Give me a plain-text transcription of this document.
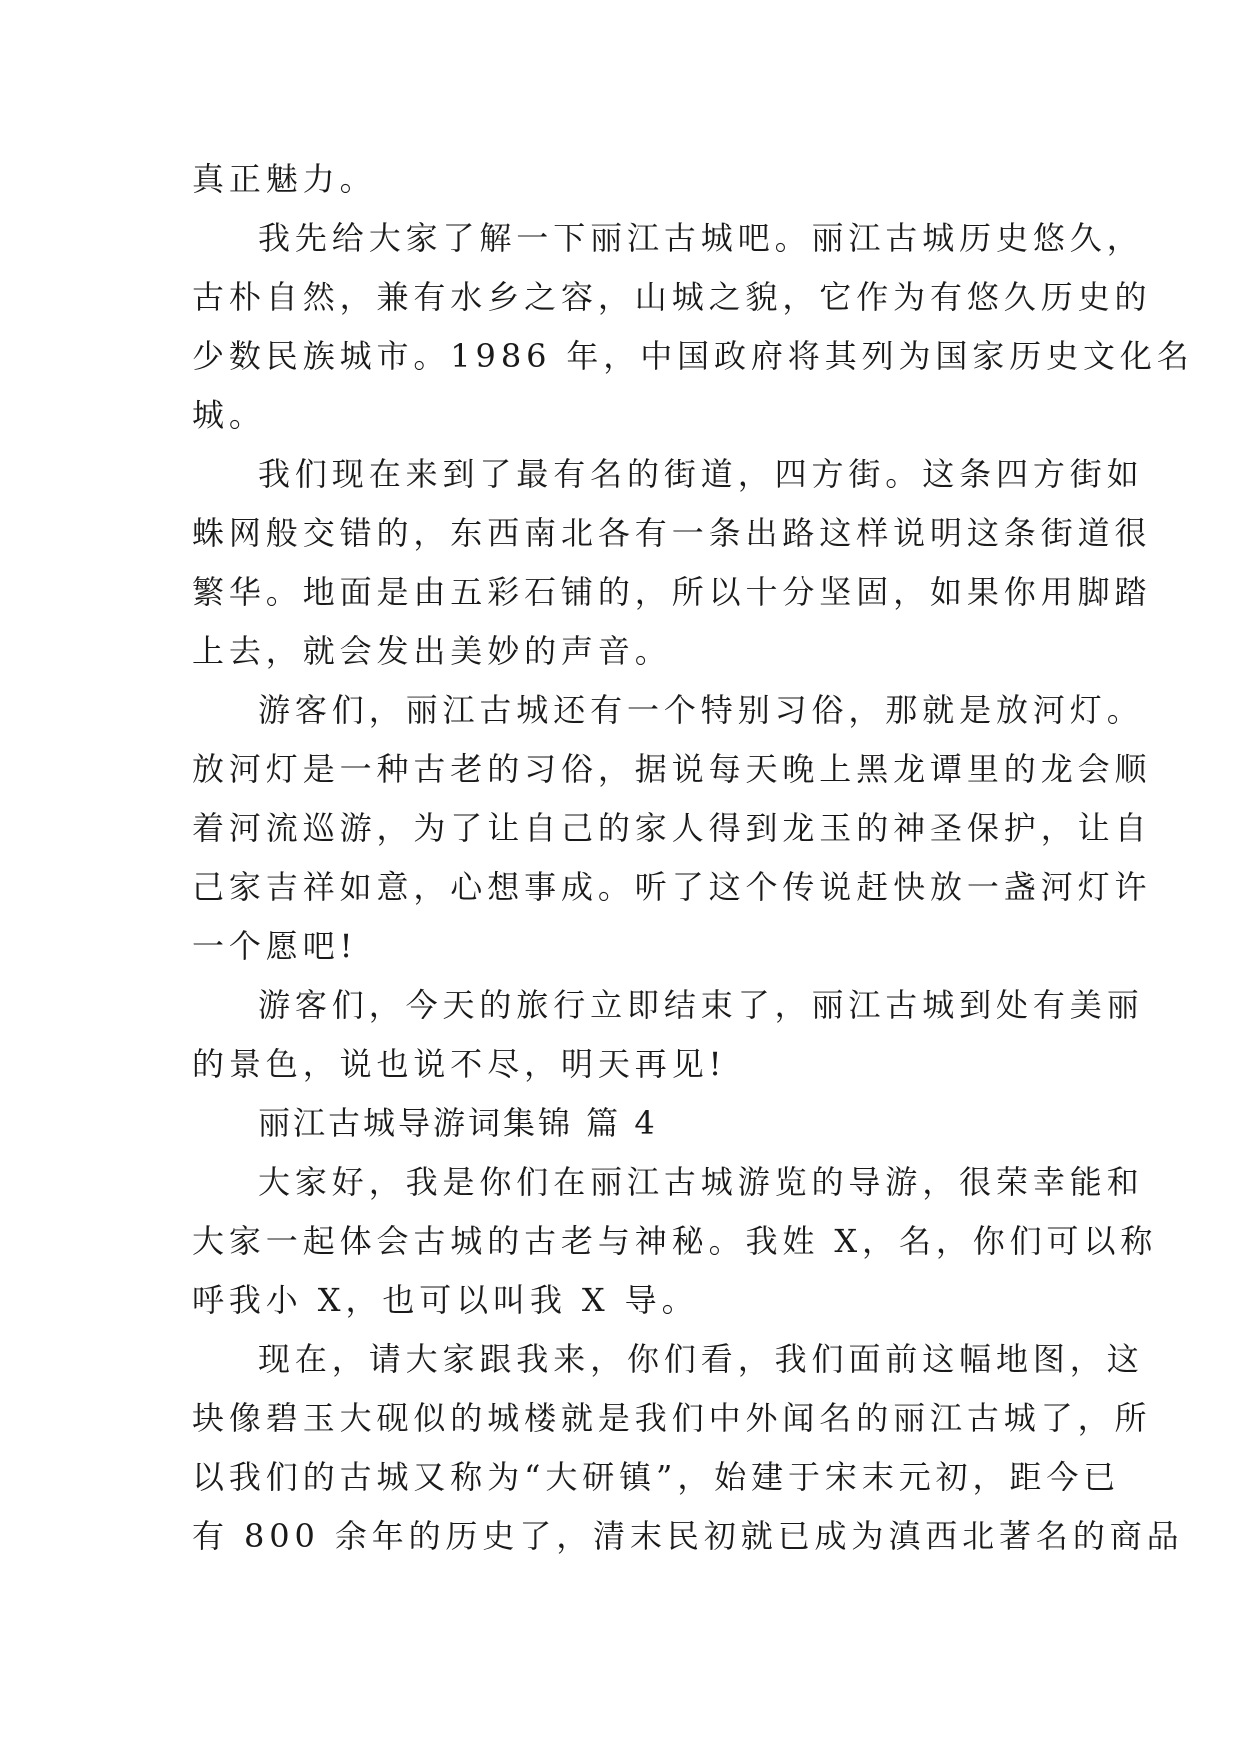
真正魅力。
我先给大家了解一下丽江古城吧。丽江古城历史悠久，
古朴自然，兼有水乡之容，山城之貌，它作为有悠久历史的
少数民族城市。1986 年，中国政府将其列为国家历史文化名
城。
我们现在来到了最有名的街道，四方街。这条四方街如
蛛网般交错的，东西南北各有一条出路这样说明这条街道很
繁华。地面是由五彩石铺的，所以十分坚固，如果你用脚踏
上去，就会发出美妙的声音。
游客们，丽江古城还有一个特别习俗，那就是放河灯。
放河灯是一种古老的习俗，据说每天晚上黑龙谭里的龙会顺
着河流巡游，为了让自己的家人得到龙玉的神圣保护，让自
己家吉祥如意，心想事成。听了这个传说赶快放一盏河灯许
一个愿吧!
游客们，今天的旅行立即结束了，丽江古城到处有美丽
的景色，说也说不尽，明天再见!
丽江古城导游词集锦 篇 4
大家好，我是你们在丽江古城游览的导游，很荣幸能和
大家一起体会古城的古老与神秘。我姓 X，名，你们可以称
呼我小 X，也可以叫我 X 导。
现在，请大家跟我来，你们看，我们面前这幅地图，这
块像碧玉大砚似的城楼就是我们中外闻名的丽江古城了，所
以我们的古城又称为“大研镇”，始建于宋末元初，距今已
有 800 余年的历史了，清末民初就已成为滇西北著名的商品
